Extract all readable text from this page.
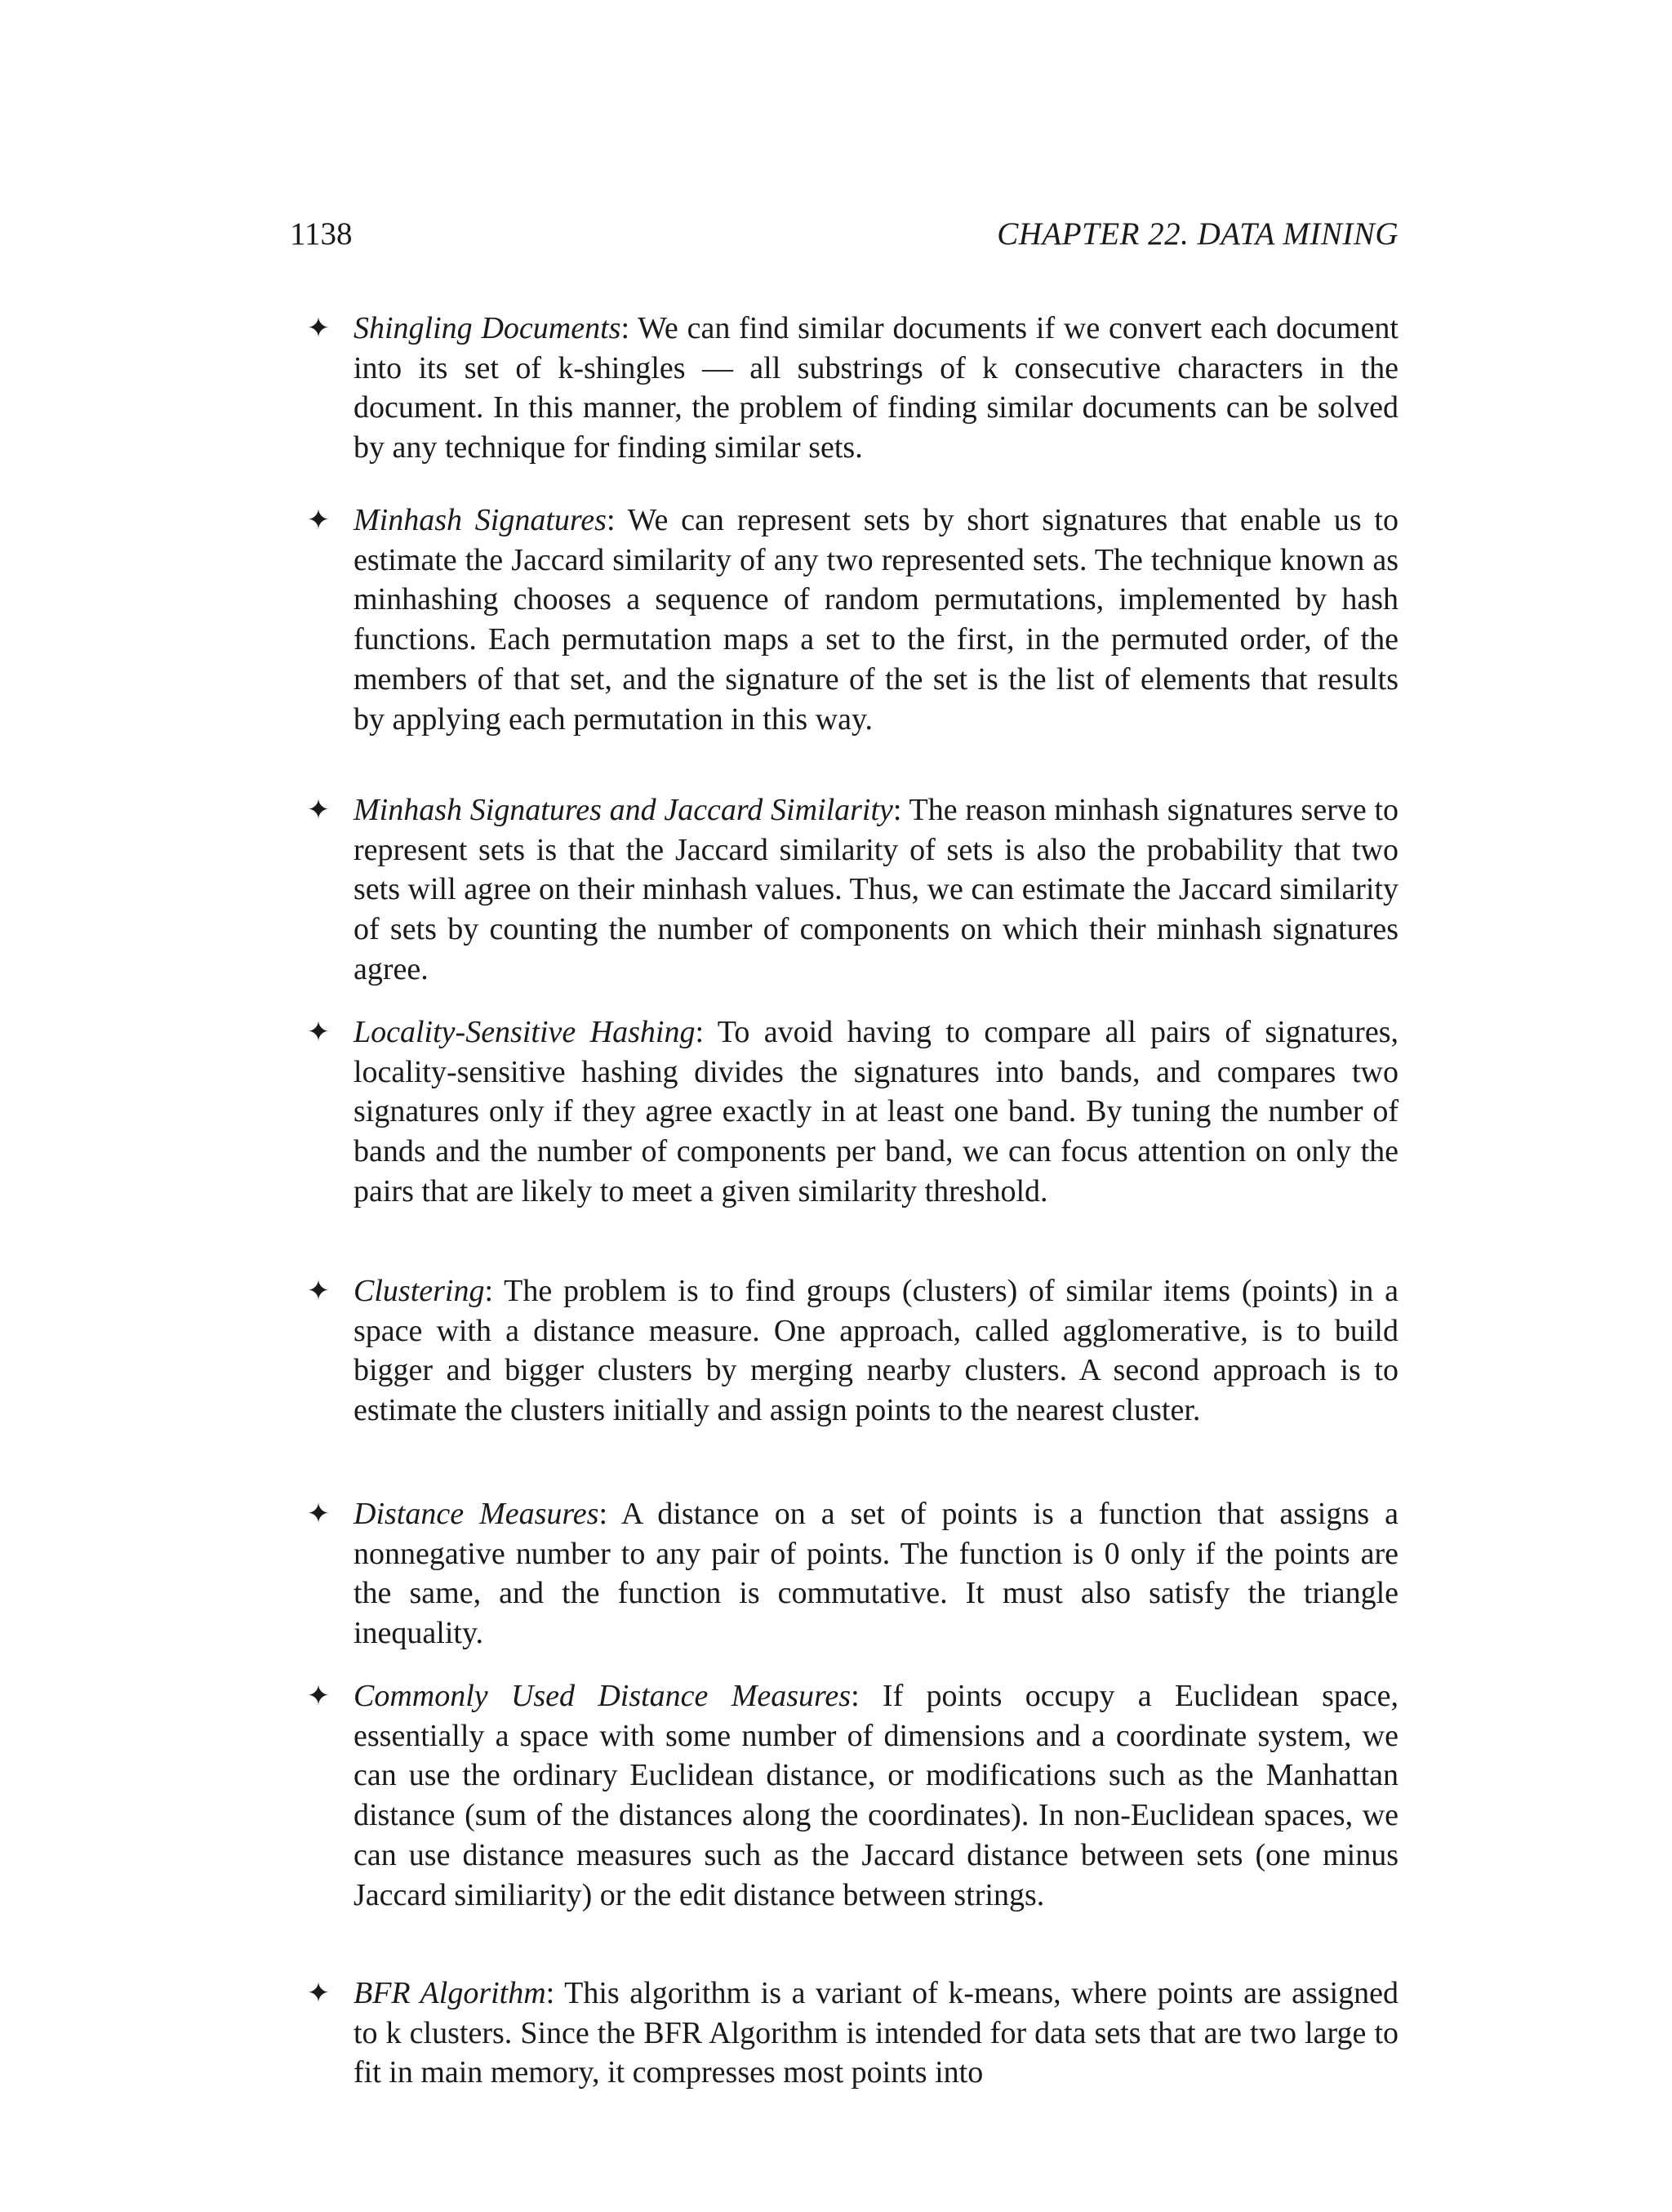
1138	CHAPTER 22. DATA MINING
✦ Shingling Documents: We can find similar documents if we convert each document into its set of k-shingles — all substrings of k consecutive characters in the document. In this manner, the problem of finding similar documents can be solved by any technique for finding similar sets.
✦ Minhash Signatures: We can represent sets by short signatures that enable us to estimate the Jaccard similarity of any two represented sets. The technique known as minhashing chooses a sequence of random permutations, implemented by hash functions. Each permutation maps a set to the first, in the permuted order, of the members of that set, and the signature of the set is the list of elements that results by applying each permutation in this way.
✦ Minhash Signatures and Jaccard Similarity: The reason minhash signatures serve to represent sets is that the Jaccard similarity of sets is also the probability that two sets will agree on their minhash values. Thus, we can estimate the Jaccard similarity of sets by counting the number of components on which their minhash signatures agree.
✦ Locality-Sensitive Hashing: To avoid having to compare all pairs of signatures, locality-sensitive hashing divides the signatures into bands, and compares two signatures only if they agree exactly in at least one band. By tuning the number of bands and the number of components per band, we can focus attention on only the pairs that are likely to meet a given similarity threshold.
✦ Clustering: The problem is to find groups (clusters) of similar items (points) in a space with a distance measure. One approach, called agglomerative, is to build bigger and bigger clusters by merging nearby clusters. A second approach is to estimate the clusters initially and assign points to the nearest cluster.
✦ Distance Measures: A distance on a set of points is a function that assigns a nonnegative number to any pair of points. The function is 0 only if the points are the same, and the function is commutative. It must also satisfy the triangle inequality.
✦ Commonly Used Distance Measures: If points occupy a Euclidean space, essentially a space with some number of dimensions and a coordinate system, we can use the ordinary Euclidean distance, or modifications such as the Manhattan distance (sum of the distances along the coordinates). In non-Euclidean spaces, we can use distance measures such as the Jaccard distance between sets (one minus Jaccard similiarity) or the edit distance between strings.
✦ BFR Algorithm: This algorithm is a variant of k-means, where points are assigned to k clusters. Since the BFR Algorithm is intended for data sets that are two large to fit in main memory, it compresses most points into
